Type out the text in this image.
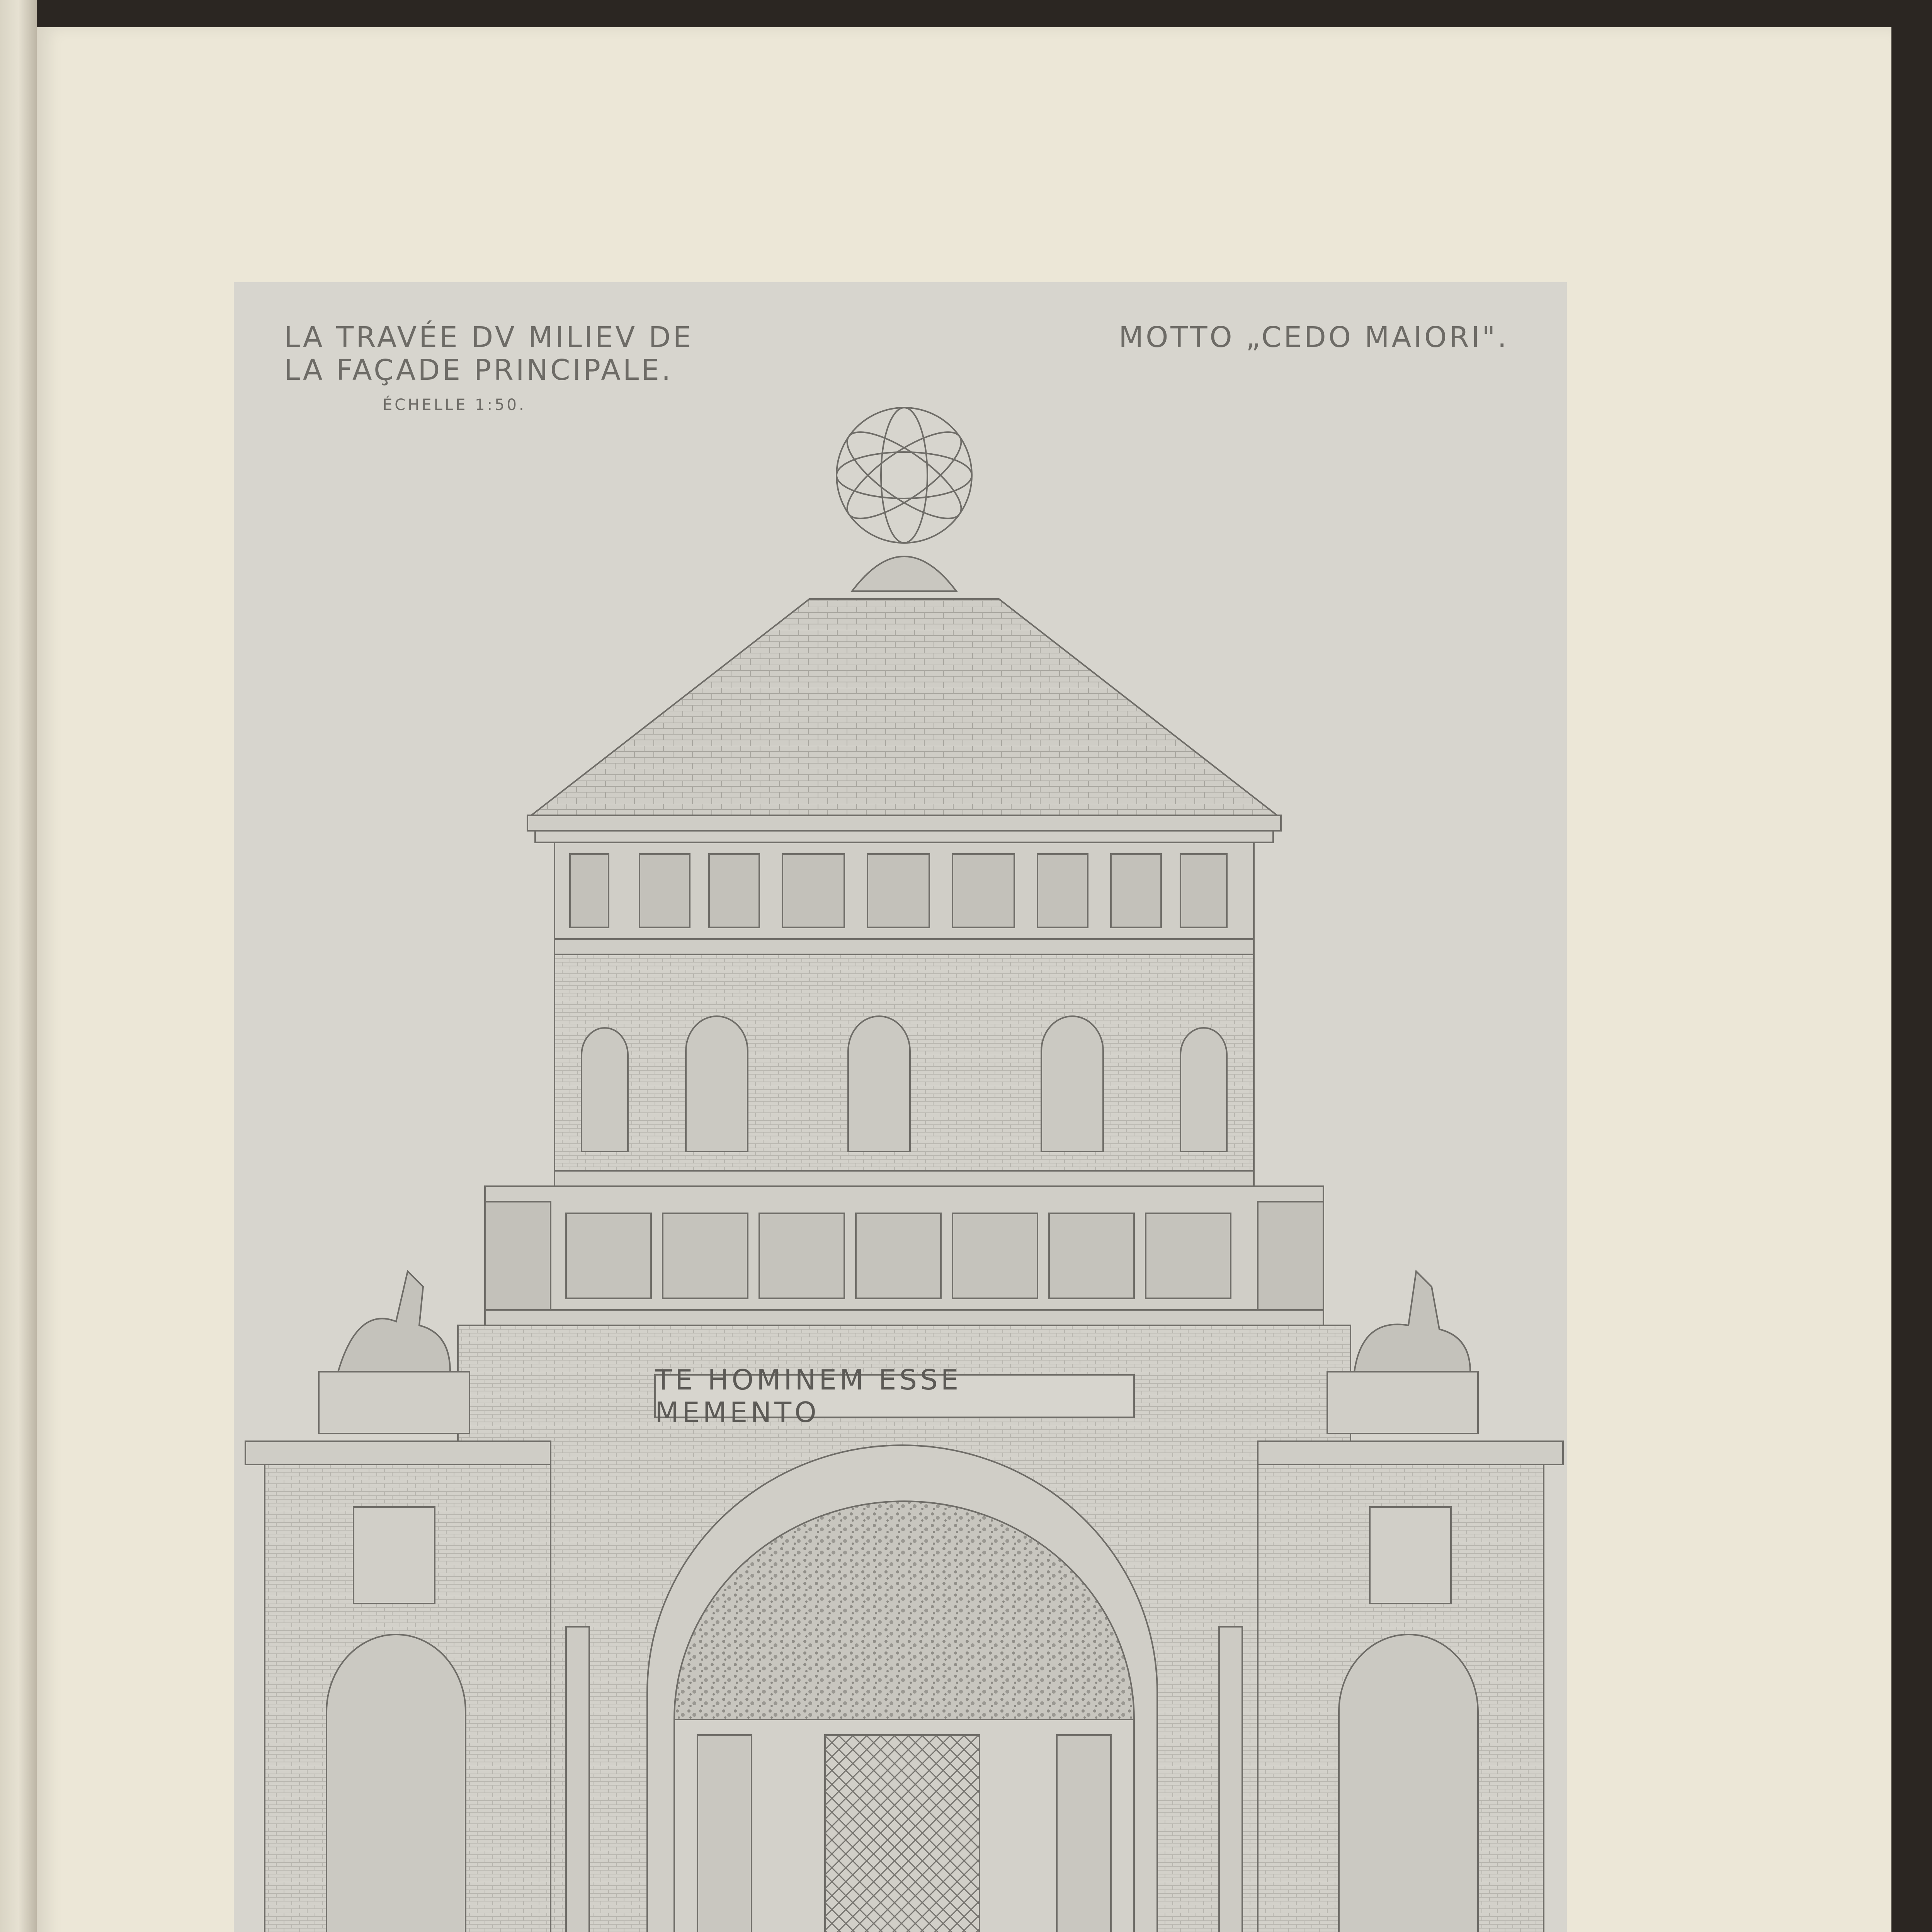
LA TRAVÉE DV MILIEV DE
LA FAÇADE PRINCIPALE.
ÉCHELLE 1:50.
MOTTO „CEDO MAIORI".
TE HOMINEM ESSE MEMENTO
